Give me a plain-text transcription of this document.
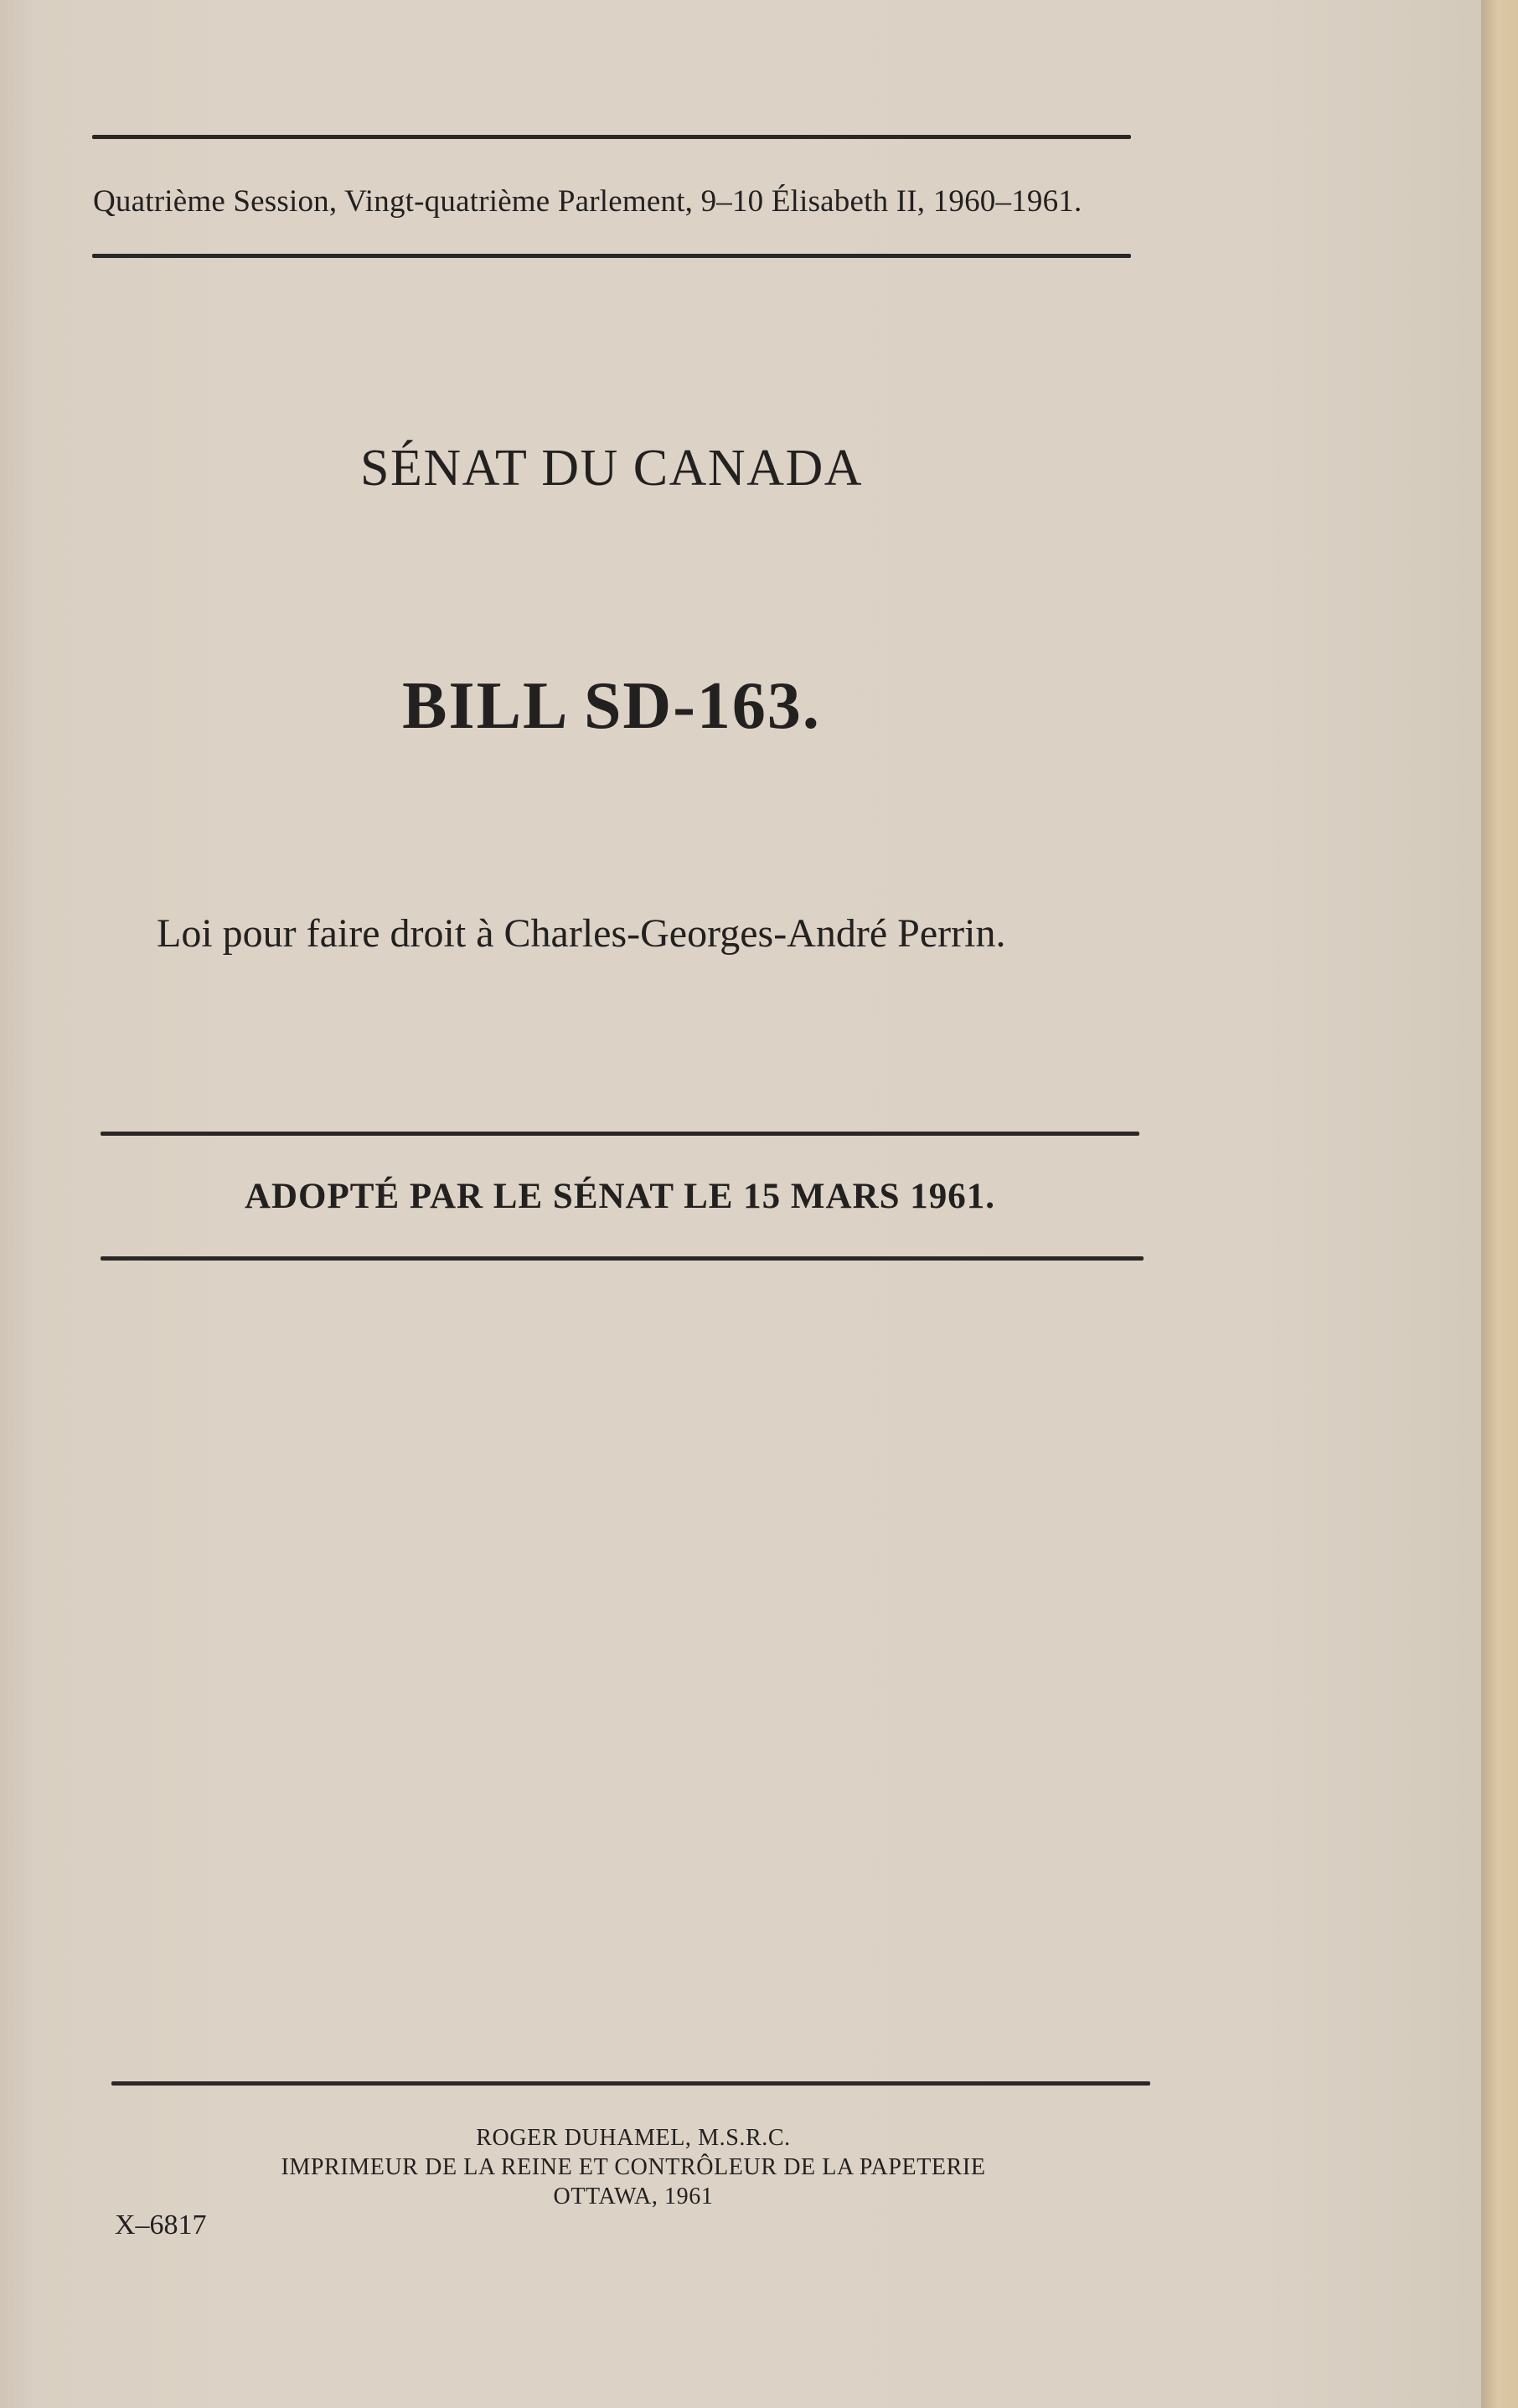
Quatrième Session, Vingt-quatrième Parlement, 9–10 Élisabeth II, 1960–1961.
SÉNAT DU CANADA
BILL SD-163.
Loi pour faire droit à Charles-Georges-André Perrin.
ADOPTÉ PAR LE SÉNAT LE 15 MARS 1961.
ROGER DUHAMEL, M.S.R.C.
IMPRIMEUR DE LA REINE ET CONTRÔLEUR DE LA PAPETERIE
OTTAWA, 1961
X–6817
